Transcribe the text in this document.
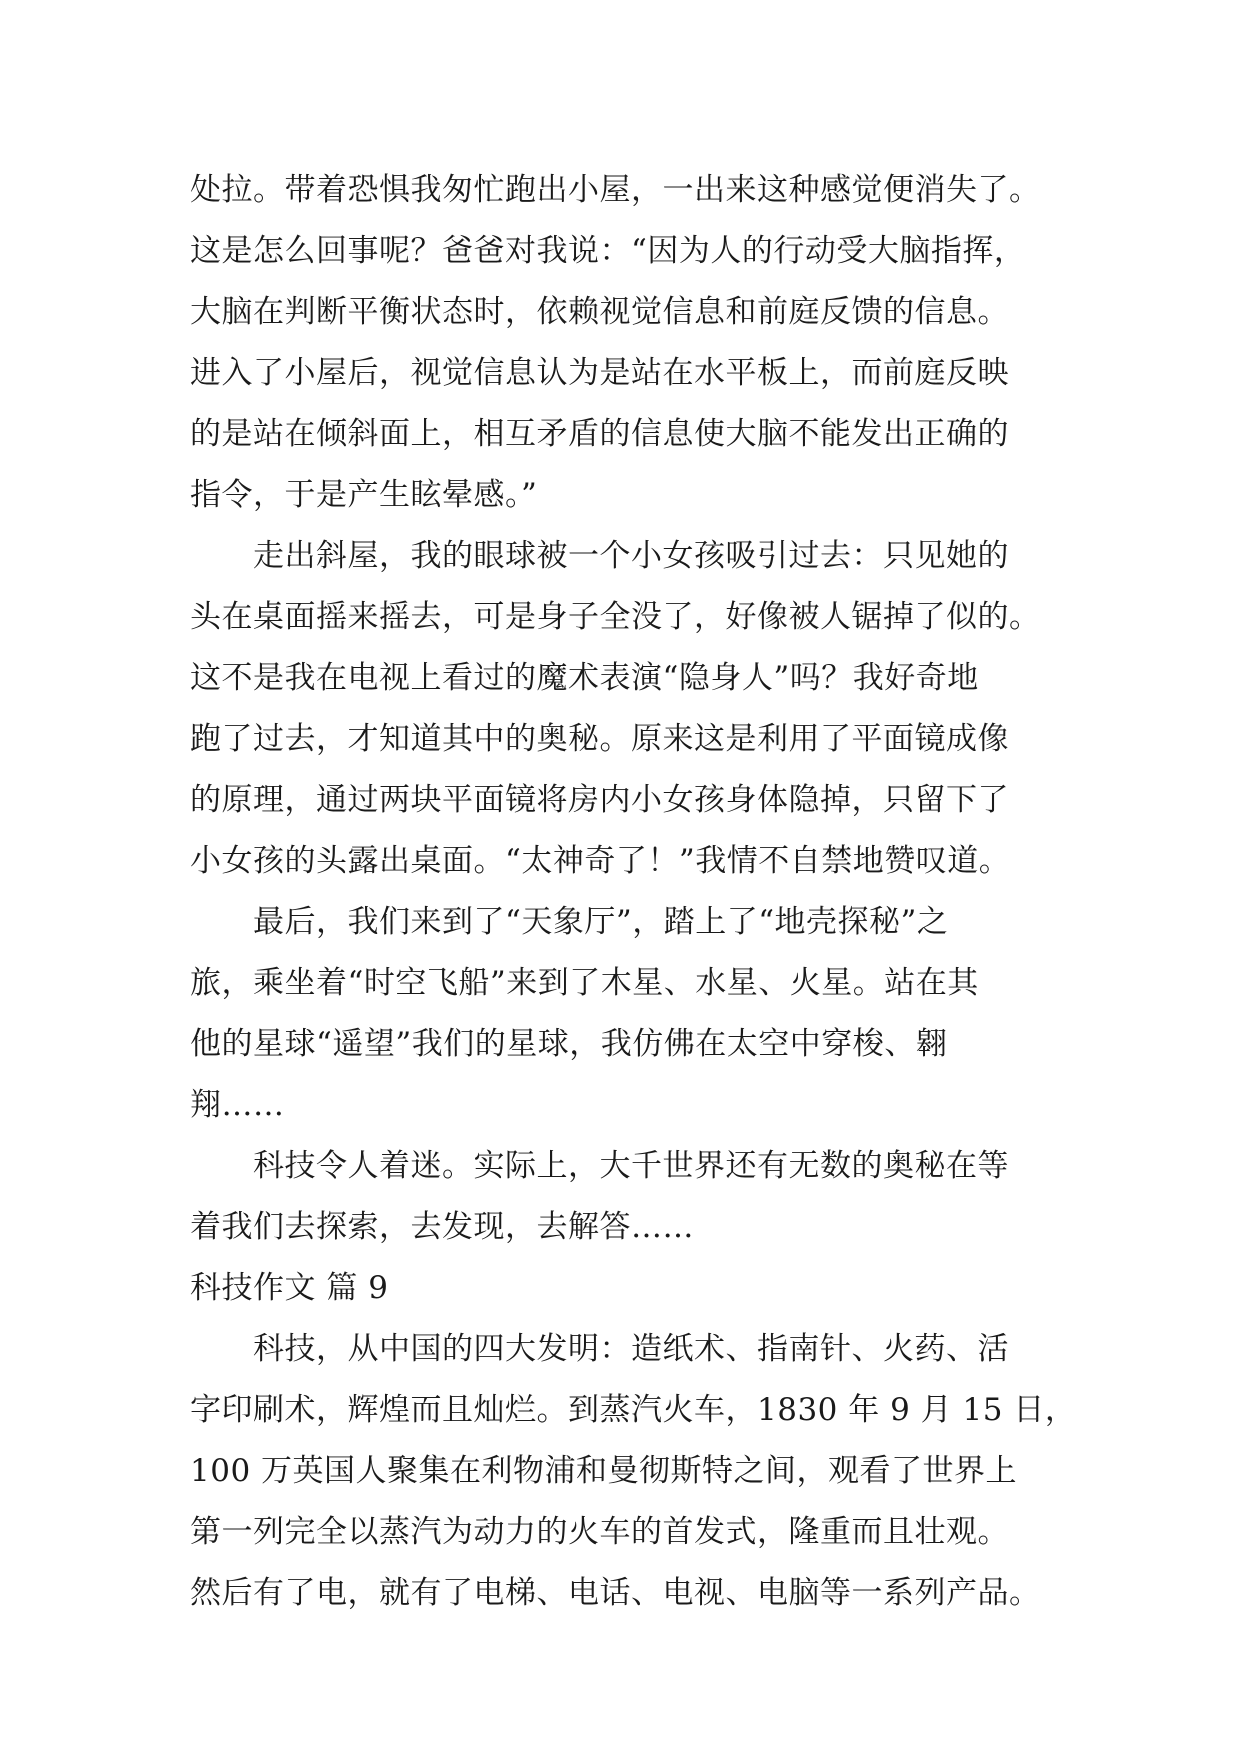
处拉。带着恐惧我匆忙跑出小屋，一出来这种感觉便消失了。
这是怎么回事呢？爸爸对我说：“因为人的行动受大脑指挥，
大脑在判断平衡状态时，依赖视觉信息和前庭反馈的信息。
进入了小屋后，视觉信息认为是站在水平板上，而前庭反映
的是站在倾斜面上，相互矛盾的信息使大脑不能发出正确的
指令，于是产生眩晕感。”
走出斜屋，我的眼球被一个小女孩吸引过去：只见她的
头在桌面摇来摇去，可是身子全没了，好像被人锯掉了似的。
这不是我在电视上看过的魔术表演“隐身人”吗？我好奇地
跑了过去，才知道其中的奥秘。原来这是利用了平面镜成像
的原理，通过两块平面镜将房内小女孩身体隐掉，只留下了
小女孩的头露出桌面。“太神奇了！”我情不自禁地赞叹道。
最后，我们来到了“天象厅”，踏上了“地壳探秘”之
旅，乘坐着“时空飞船”来到了木星、水星、火星。站在其
他的星球“遥望”我们的星球，我仿佛在太空中穿梭、翱
翔……
科技令人着迷。实际上，大千世界还有无数的奥秘在等
着我们去探索，去发现，去解答……
科技作文 篇 9
科技，从中国的四大发明：造纸术、指南针、火药、活
字印刷术，辉煌而且灿烂。到蒸汽火车，1830 年 9 月 15 日，
100 万英国人聚集在利物浦和曼彻斯特之间，观看了世界上
第一列完全以蒸汽为动力的火车的首发式，隆重而且壮观。
然后有了电，就有了电梯、电话、电视、电脑等一系列产品。
